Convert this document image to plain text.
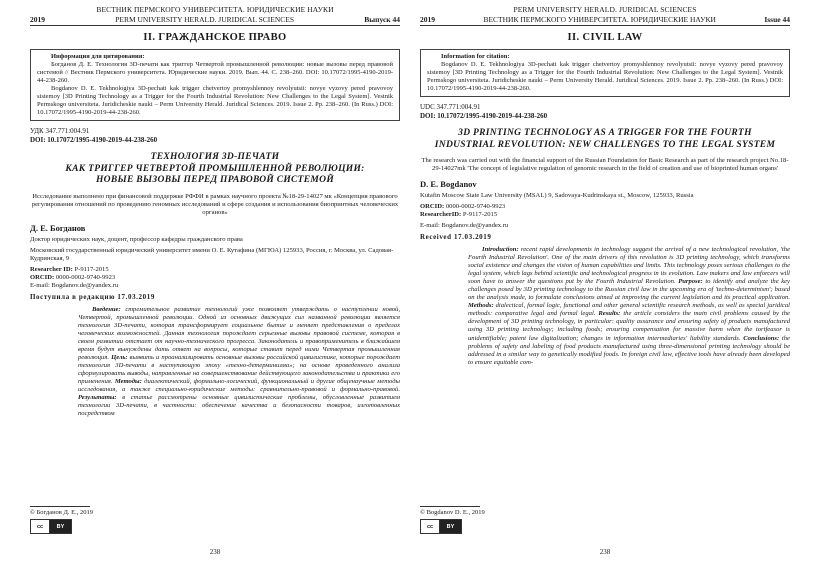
ВЕСТНИК ПЕРМСКОГО УНИВЕРСИТЕТА. ЮРИДИЧЕСКИЕ НАУКИ
2019	PERM UNIVERSITY HERALD. JURIDICAL SCIENCES	Выпуск 44
II. ГРАЖДАНСКОЕ ПРАВО
Информация для цитирования:

Богданов Д. Е. Технология 3D-печати как триггер Четвертой промышленной революции: новые вызовы перед правовой системой // Вестник Пермского университета. Юридические науки. 2019. Вып. 44. C. 238–260. DOI: 10.17072/1995-4190-2019-44-238-260.

Bogdanov D. E. Tekhnologiya 3D-pechati kak trigger chetvertoy promyshlennoy revolyutsii: novye vyzovy pered pravovoy sistemoy [3D Printing Technology as a Trigger for the Fourth Industrial Revolution: New Challenges to the Legal System]. Vestnik Permskogo universiteta. Juridicheskie nauki – Perm University Herald. Juridical Sciences. 2019. Issue 2. Pp. 238–260. (In Russ.) DOI: 10.17072/1995-4190-2019-44-238-260.

УДК 347.771:004.91
DOI: 10.17072/1995-4190-2019-44-238-260
ТЕХНОЛОГИЯ 3D-ПЕЧАТИ
КАК ТРИГГЕР ЧЕТВЕРТОЙ ПРОМЫШЛЕННОЙ РЕВОЛЮЦИИ:
НОВЫЕ ВЫЗОВЫ ПЕРЕД ПРАВОВОЙ СИСТЕМОЙ
Исследование выполнено при финансовой поддержке РФФИ в рамках научного проекта №18-29-14027 мк «Концепция правового регулирования отношений по проведению геномных исследований и сфере создания и использования биопринтных человеческих органов»
Д. Е. Богданов

Доктор юридических наук, доцент, профессор кафедры гражданского права

Московский государственный юридический университет имени О. Е. Кутафина (МГЮА) 125933, Россия, г. Москва, ул. Садовая-Кудринская, 9

Researcher ID: P-9117-2015
ORCID: 0000-0002-9740-9923
E-mail: Bogdanov.de@yandex.ru
Поступила в редакцию 17.03.2019

Введение: стремительное развитие технологий уже позволяет утверждать о наступлении новой, Четвертой, промышленной революции. Одной из основных движущих сил названной революции является технология 3D-печати, которая трансформирует социальное бытие и меняет представления о пределах человеческих возможностей. Данная технология порождает серьезные вызовы правовой системе, которая в своем развитии отстает от научно-технического прогресса. Законодатель и правоприменитель в ближайшем время будут вынуждены дать ответ на вопросы, которые ставит перед ними Четвертая промышленная революция. Цель: выявить и проанализировать основные вызовы российской цивилистике, которые порождает технология 3D-печати в наступающую эпоху «техно-детерминизма»; на основе проведенного анализа сформулировать выводы, направленные на совершенствование действующего законодательства и практики его применения. Методы: диалектический, формально-логический, функциональный и другие общенаучные методы исследования, а также специально-юридические методы: сравнительно-правовой и формально-правовой. Результаты: в статье рассмотрены основные цивилистические проблемы, обусловленные развитием технологии 3D-печати, в частности: обеспечение качества и безопасности товаров, изготовленных посредством

© Богданов Д. Е., 2019
cc	BY
238
PERM UNIVERSITY HERALD. JURIDICAL SCIENCES
2019	ВЕСТНИК ПЕРМСКОГО УНИВЕРСИТЕТА. ЮРИДИЧЕСКИЕ НАУКИ	Issue 44
II. CIVIL LAW
Information for citation:

Bogdanov D. E. Tekhnologiya 3D-pechati kak trigger chetvertoy promyshlennoy revolyutsii: novye vyzovy pered pravovoy sistemoy [3D Printing Technology as a Trigger for the Fourth Industrial Revolution: New Challenges to the Legal System]. Vestnik Permskogo universiteta. Juridicheskie nauki – Perm University Herald. Juridical Sciences. 2019. Issue 2. Pp. 238–260. (In Russ.) DOI: 10.17072/1995-4190-2019-44-238-260.

UDC 347.771:004.91
DOI: 10.17072/1995-4190-2019-44-238-260
3D PRINTING TECHNOLOGY AS A TRIGGER FOR THE FOURTH
INDUSTRIAL REVOLUTION: NEW CHALLENGES TO THE LEGAL SYSTEM
The research was carried out with the financial support of the Russian Foundation for Basic Research as part of the research project No.18-29-14027mk 'The concept of legislative regulation of genomic research in the field of creation and use of bioprinted human organs'
D. E. Bogdanov

Kutafin Moscow State Law University (MSAL) 9, Sadovaya-Kudrinskaya st., Moscow, 125933, Russia

ORCID: 0000-0002-9740-9923
ResearcherID: P-9117-2015
E-mail: Bogdanov.de@yandex.ru
Received 17.03.2019

Introduction: recent rapid developments in technology suggest the arrival of a new technological revolution, 'the Fourth Industrial Revolution'. One of the main drivers of this revolution is 3D printing technology, which transforms social existence and changes the vision of human capabilities and limits. This technology poses serious challenges to the legal system, which lags behind scientific and technological progress in its evolution. Law makers and law enforcers will soon have to answer the questions put by the Fourth Industrial Revolution. Purpose: to identify and analyze the key challenges posed by 3D printing technology to the Russian civil law in the upcoming era of 'techno-determinism'; based on the analysis made, to formulate conclusions aimed at improving the current legislation and its practical application. Methods: dialectical, formal logic, functional and other general scientific research methods, as well as special juridical methods: comparative legal and formal legal. Results: the article considers the main civil problems caused by the development of 3D printing technology, in particular: quality assurance and ensuring safety of products manufactured using 3D printing technology; including foods; ensuring compensation for massive harm when the tortfeasor is unidentifiable; patent law digitalization; changes in information intermediaries' liability standards. Conclusions: the problems of safety and labeling of food products manufactured using three-dimensional printing technology should be addressed in a similar way to genetically modified foods. In foreign civil law, effective tools have already been developed to ensure equitable com-

© Bogdanov D. E., 2019
cc	BY
238
